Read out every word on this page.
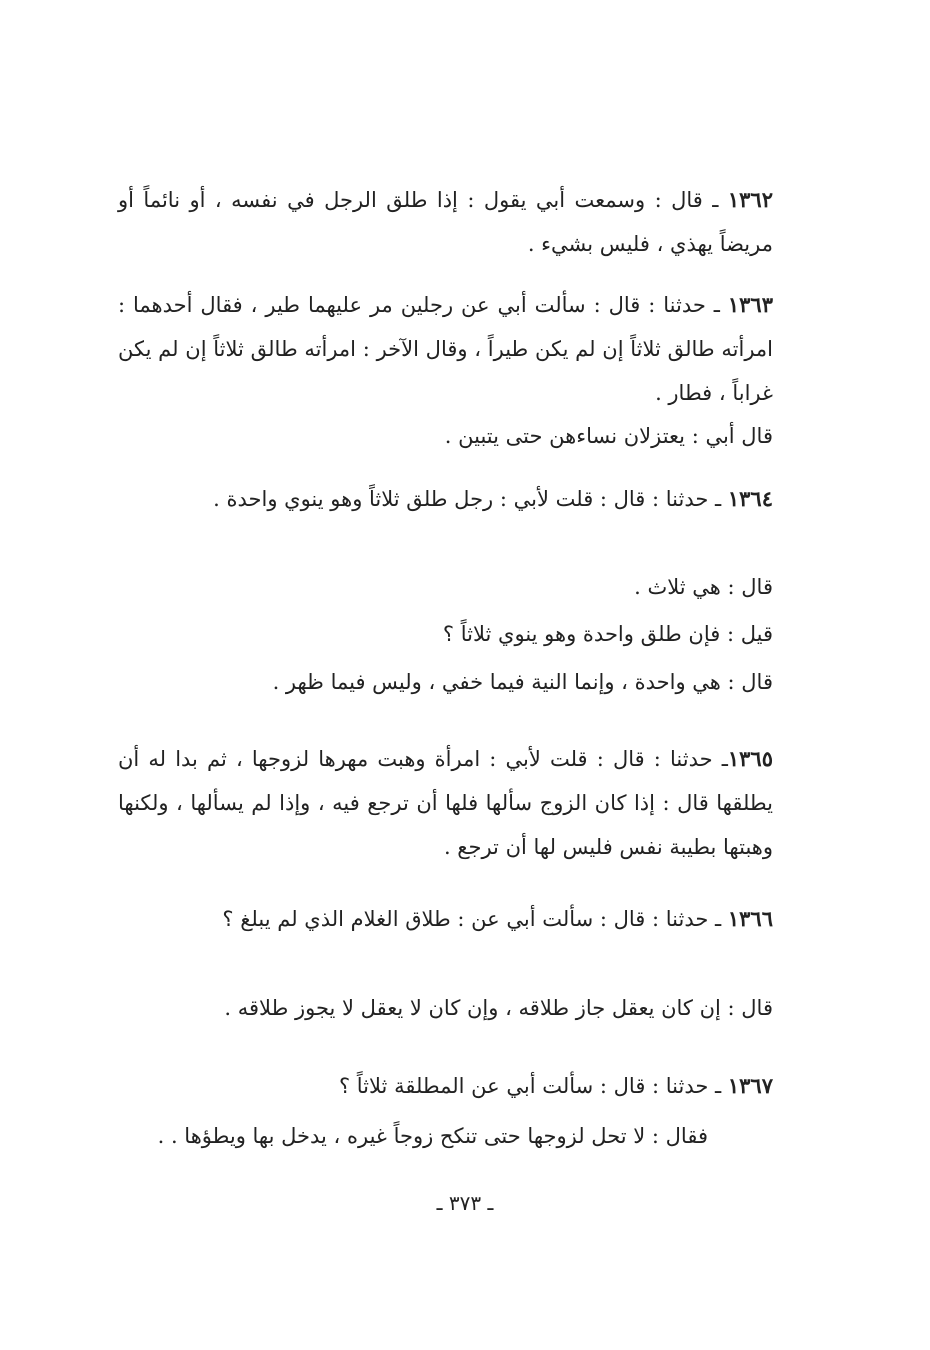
١٣٦٢ ـ قال : وسمعت أبي يقول : إذا طلق الرجل في نفسه ، أو نائماً أو مريضاً يهذي ، فليس بشيء .
١٣٦٣ ـ حدثنا : قال : سألت أبي عن رجلين مر عليهما طير ، فقال أحدهما : امرأته طالق ثلاثاً إن لم يكن طيراً ، وقال الآخر : امرأته طالق ثلاثاً إن لم يكن غراباً ، فطار .
قال أبي : يعتزلان نساءهن حتى يتبين .
١٣٦٤ ـ حدثنا : قال : قلت لأبي : رجل طلق ثلاثاً وهو ينوي واحدة .
قال : هي ثلاث .
قيل : فإن طلق واحدة وهو ينوي ثلاثاً ؟
قال : هي واحدة ، وإنما النية فيما خفي ، وليس فيما ظهر .
١٣٦٥ـ حدثنا : قال : قلت لأبي : امرأة وهبت مهرها لزوجها ، ثم بدا له أن يطلقها قال : إذا كان الزوج سألها فلها أن ترجع فيه ، وإذا لم يسألها ، ولكنها وهبتها بطيبة نفس فليس لها أن ترجع .
١٣٦٦ ـ حدثنا : قال : سألت أبي عن : طلاق الغلام الذي لم يبلغ ؟
قال : إن كان يعقل جاز طلاقه ، وإن كان لا يعقل لا يجوز طلاقه .
١٣٦٧ ـ حدثنا : قال : سألت أبي عن المطلقة ثلاثاً ؟
فقال : لا تحل لزوجها حتى تنكح زوجاً غيره ، يدخل بها ويطؤها . .
ـ ٣٧٣ ـ
